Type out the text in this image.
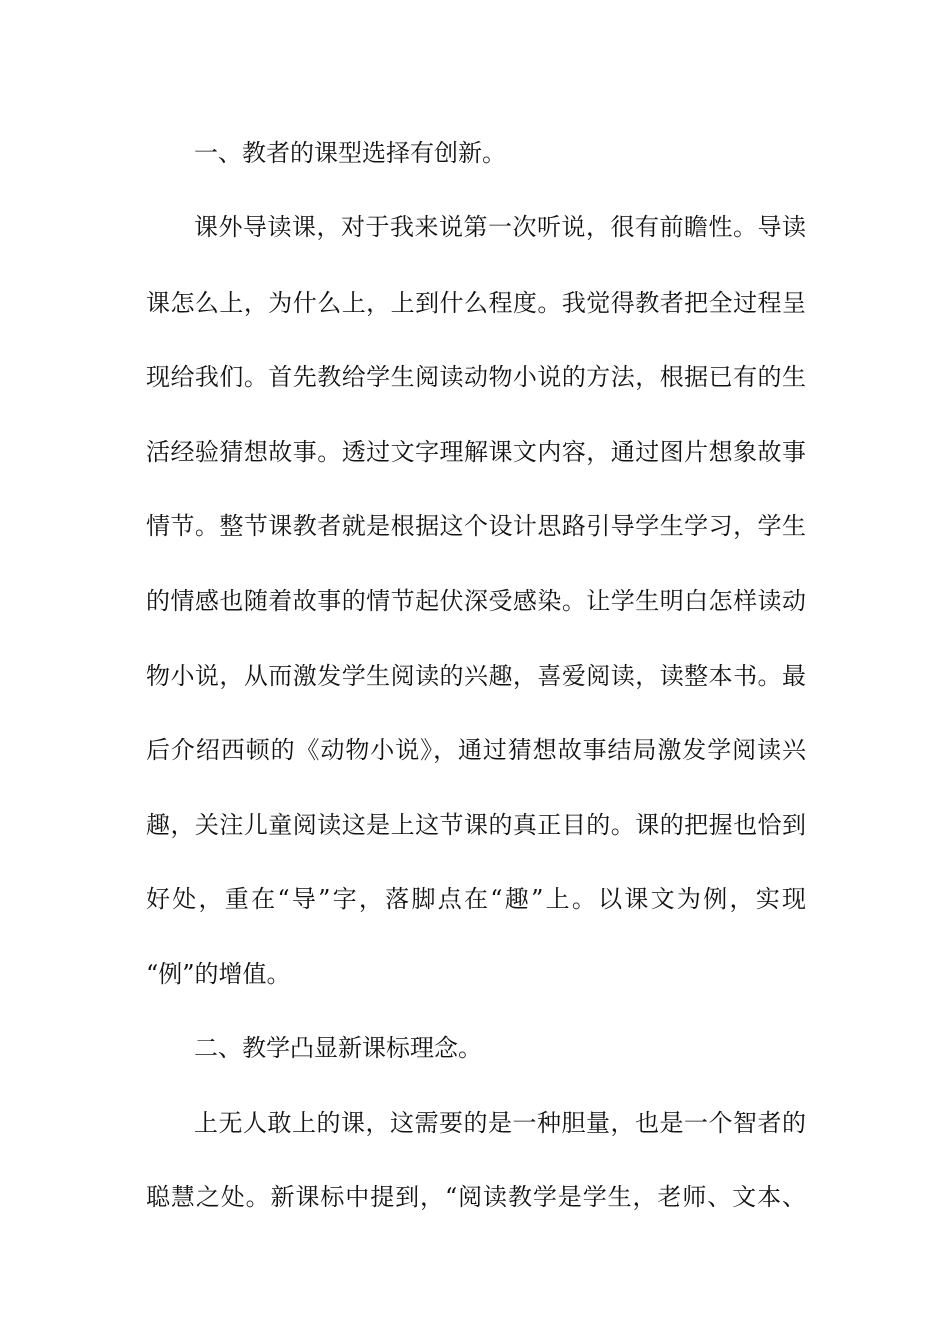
一、教者的课型选择有创新。
课外导读课，对于我来说第一次听说，很有前瞻性。导读
课怎么上，为什么上，上到什么程度。我觉得教者把全过程呈
现给我们。首先教给学生阅读动物小说的方法，根据已有的生
活经验猜想故事。透过文字理解课文内容，通过图片想象故事
情节。整节课教者就是根据这个设计思路引导学生学习，学生
的情感也随着故事的情节起伏深受感染。让学生明白怎样读动
物小说，从而激发学生阅读的兴趣，喜爱阅读，读整本书。最
后介绍西顿的《动物小说》，通过猜想故事结局激发学阅读兴
趣，关注儿童阅读这是上这节课的真正目的。课的把握也恰到
好处，重在“导”字，落脚点在“趣”上。以课文为例，实现
“例”的增值。
二、教学凸显新课标理念。
上无人敢上的课，这需要的是一种胆量，也是一个智者的
聪慧之处。新课标中提到，“阅读教学是学生，老师、文本、
